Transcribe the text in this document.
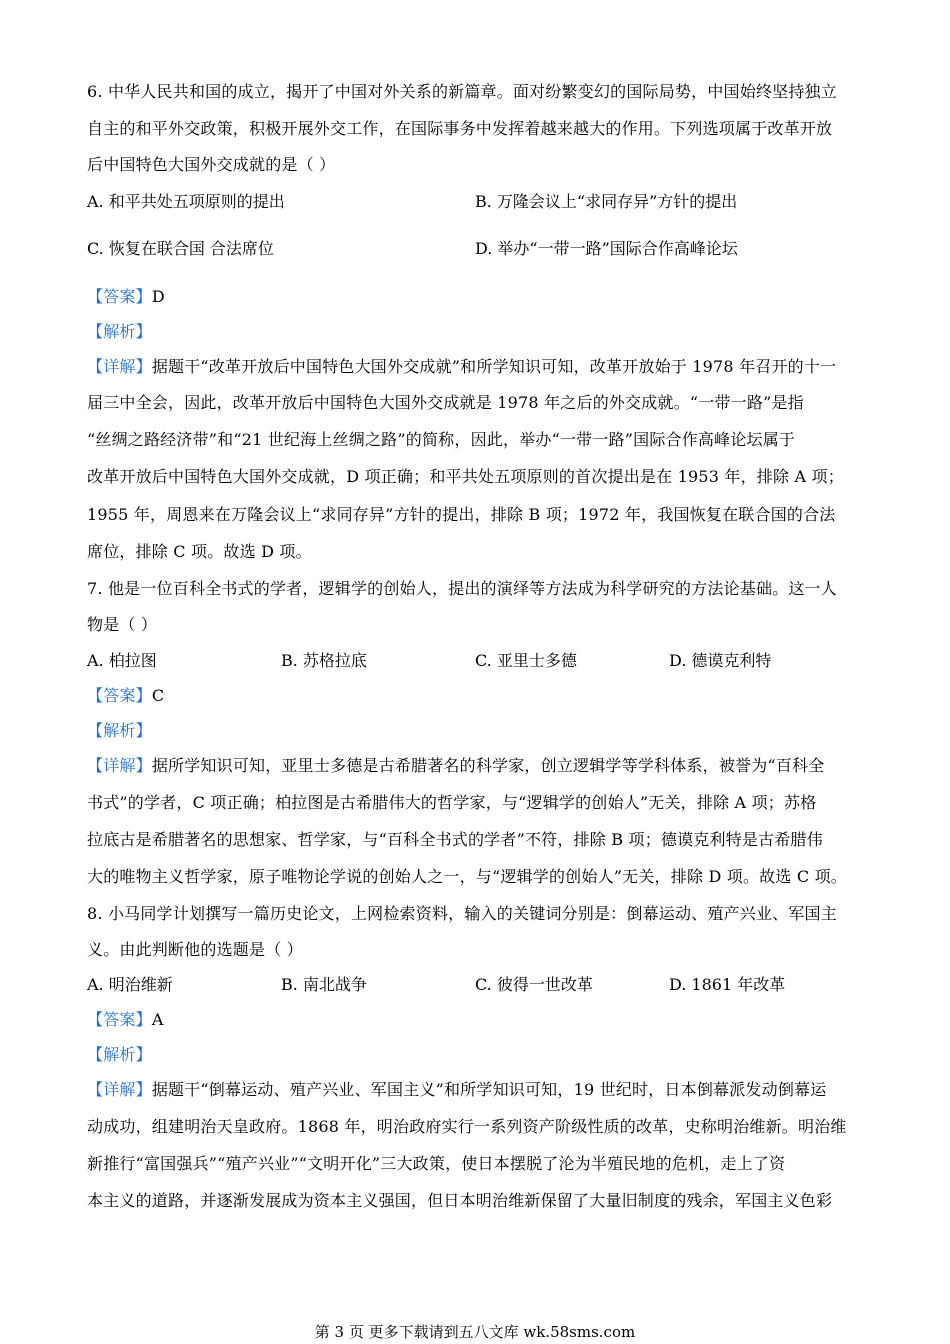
6. 中华人民共和国的成立，揭开了中国对外关系的新篇章。面对纷繁变幻的国际局势，中国始终坚持独立
自主的和平外交政策，积极开展外交工作，在国际事务中发挥着越来越大的作用。下列选项属于改革开放
后中国特色大国外交成就的是（ ）
A. 和平共处五项原则的提出	B. 万隆会议上“求同存异”方针的提出
C. 恢复在联合国 合法席位	D. 举办“一带一路”国际合作高峰论坛
【答案】D
【解析】
【详解】据题干“改革开放后中国特色大国外交成就”和所学知识可知，改革开放始于 1978 年召开的十一
届三中全会，因此，改革开放后中国特色大国外交成就是 1978 年之后的外交成就。“一带一路”是指
“丝绸之路经济带”和“21 世纪海上丝绸之路”的简称，因此，举办“一带一路”国际合作高峰论坛属于
改革开放后中国特色大国外交成就，D 项正确；和平共处五项原则的首次提出是在 1953 年，排除 A 项；
1955 年，周恩来在万隆会议上“求同存异”方针的提出，排除 B 项；1972 年，我国恢复在联合国的合法
席位，排除 C 项。故选 D 项。
7. 他是一位百科全书式的学者，逻辑学的创始人，提出的演绎等方法成为科学研究的方法论基础。这一人
物是（ ）
A. 柏拉图	B. 苏格拉底	C. 亚里士多德	D. 德谟克利特
【答案】C
【解析】
【详解】据所学知识可知，亚里士多德是古希腊著名的科学家，创立逻辑学等学科体系，被誉为“百科全
书式”的学者，C 项正确；柏拉图是古希腊伟大的哲学家，与“逻辑学的创始人”无关，排除 A 项；苏格
拉底古是希腊著名的思想家、哲学家，与“百科全书式的学者”不符，排除 B 项；德谟克利特是古希腊伟
大的唯物主义哲学家，原子唯物论学说的创始人之一，与“逻辑学的创始人”无关，排除 D 项。故选 C 项。
8. 小马同学计划撰写一篇历史论文，上网检索资料，输入的关键词分别是：倒幕运动、殖产兴业、军国主
义。由此判断他的选题是（ ）
A. 明治维新	B. 南北战争	C. 彼得一世改革	D. 1861 年改革
【答案】A
【解析】
【详解】据题干“倒幕运动、殖产兴业、军国主义”和所学知识可知，19 世纪时，日本倒幕派发动倒幕运
动成功，组建明治天皇政府。1868 年，明治政府实行一系列资产阶级性质的改革，史称明治维新。明治维
新推行“富国强兵”“殖产兴业”“文明开化”三大政策，使日本摆脱了沦为半殖民地的危机，走上了资
本主义的道路，并逐渐发展成为资本主义强国，但日本明治维新保留了大量旧制度的残余，军国主义色彩
第 3 页 更多下载请到五八文库 wk.58sms.com
